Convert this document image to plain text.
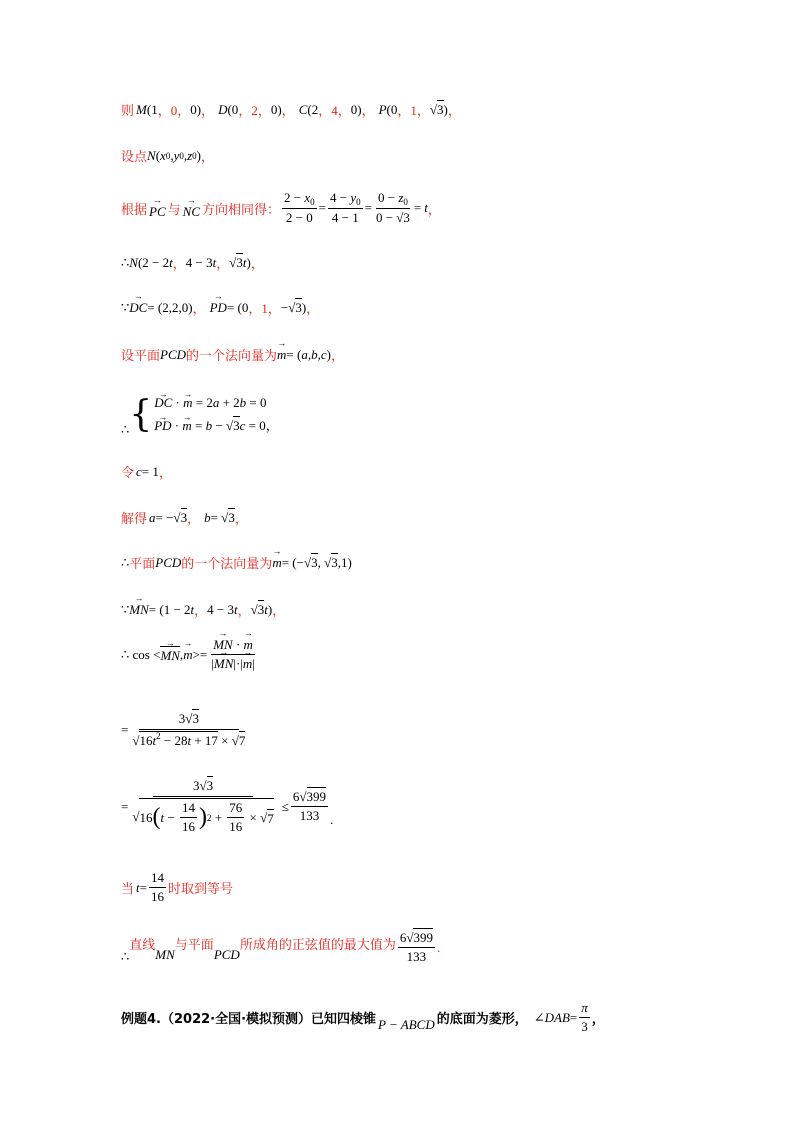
则 M (1 ，0， 0) ， D (0 ，2， 0) ， C (2 ，4， 0) ， P (0 ，1， √3) ，
设点 N ( x 0 , y 0 , z 0 ) ，
根据 → PC 与 → NC 方向相同得： $\frac{2 - x_0}{2 - 0} = \frac{4 - y_0}{4 - 1} = \frac{0 - z_0}{0 - √3} = t$ ，
∴ N (2 − 2 t ， 4 − 3 t ， √3 t ) ，
∵ → DC = (2,2,0) ， → PD = (0 ，1， −√3) ，
设平面 PCD 的一个法向量为 → m = ( a , b , c ) ，
∴ { → DC · → m = 2a + 2b = 0
→ PD · → m = b − √3c = 0，
令 c = 1 ，
解得 a = −√3 ， b = √3 ，
∴ 平面 PCD 的一个法向量为 → m = (−√3, √3,1)
∵ → MN = (1 − 2 t ， 4 − 3 t ， √3 t ) ，
∴ cos < → MN , → m >= → $\frac{MN \cdot \to m}{|\to MN|\cdot|\to m|}$
= $\frac{3√3}{√16t^2 - 28t + 17 \times √7}$
= $\frac{3√3}{√ 16 ( t - \frac{14}{16} ) 2 + \frac{76}{16} \times √ 7} \le \frac{6√399}{133}$ .
当 $t = \frac{14}{16}$ 时取到等号
∴
直线
MN
与平面
PCD
所成角的正弦值的最大值为 $\frac{6√399}{133}$ .
例题4. （2022·全国·模拟预测）已知四棱锥 P − ABCD 的底面为菱形， ∠DAB = $\frac{\pi}{3}$ ，
